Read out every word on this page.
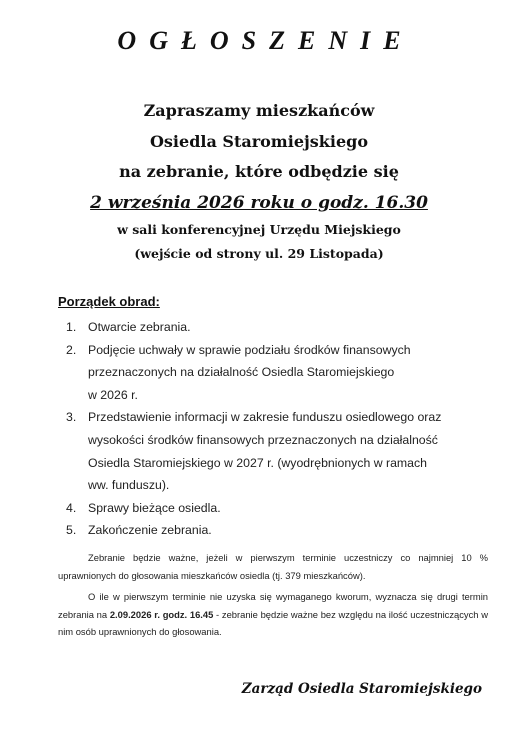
OGŁOSZENIE
Zapraszamy mieszkańców
Osiedla Staromiejskiego
na zebranie, które odbędzie się
2 września 2026 roku o godz. 16.30
w sali konferencyjnej Urzędu Miejskiego
(wejście od strony ul. 29 Listopada)
Porządek obrad:
1. Otwarcie zebrania.
2. Podjęcie uchwały w sprawie podziału środków finansowych
przeznaczonych na działalność Osiedla Staromiejskiego
w 2026 r.
3. Przedstawienie informacji w zakresie funduszu osiedlowego oraz
wysokości środków finansowych przeznaczonych na działalność
Osiedla Staromiejskiego w 2027 r. (wyodrębnionych w ramach
ww. funduszu).
4. Sprawy bieżące osiedla.
5. Zakończenie zebrania.

Zebranie będzie ważne, jeżeli w pierwszym terminie uczestniczy co najmniej 10 % uprawnionych do głosowania mieszkańców osiedla (tj. 379 mieszkańców).

O ile w pierwszym terminie nie uzyska się wymaganego kworum, wyznacza się drugi termin zebrania na 2.09.2026 r. godz. 16.45 - zebranie będzie ważne bez względu na ilość uczestniczących w nim osób uprawnionych do głosowania.

Zarząd Osiedla Staromiejskiego
